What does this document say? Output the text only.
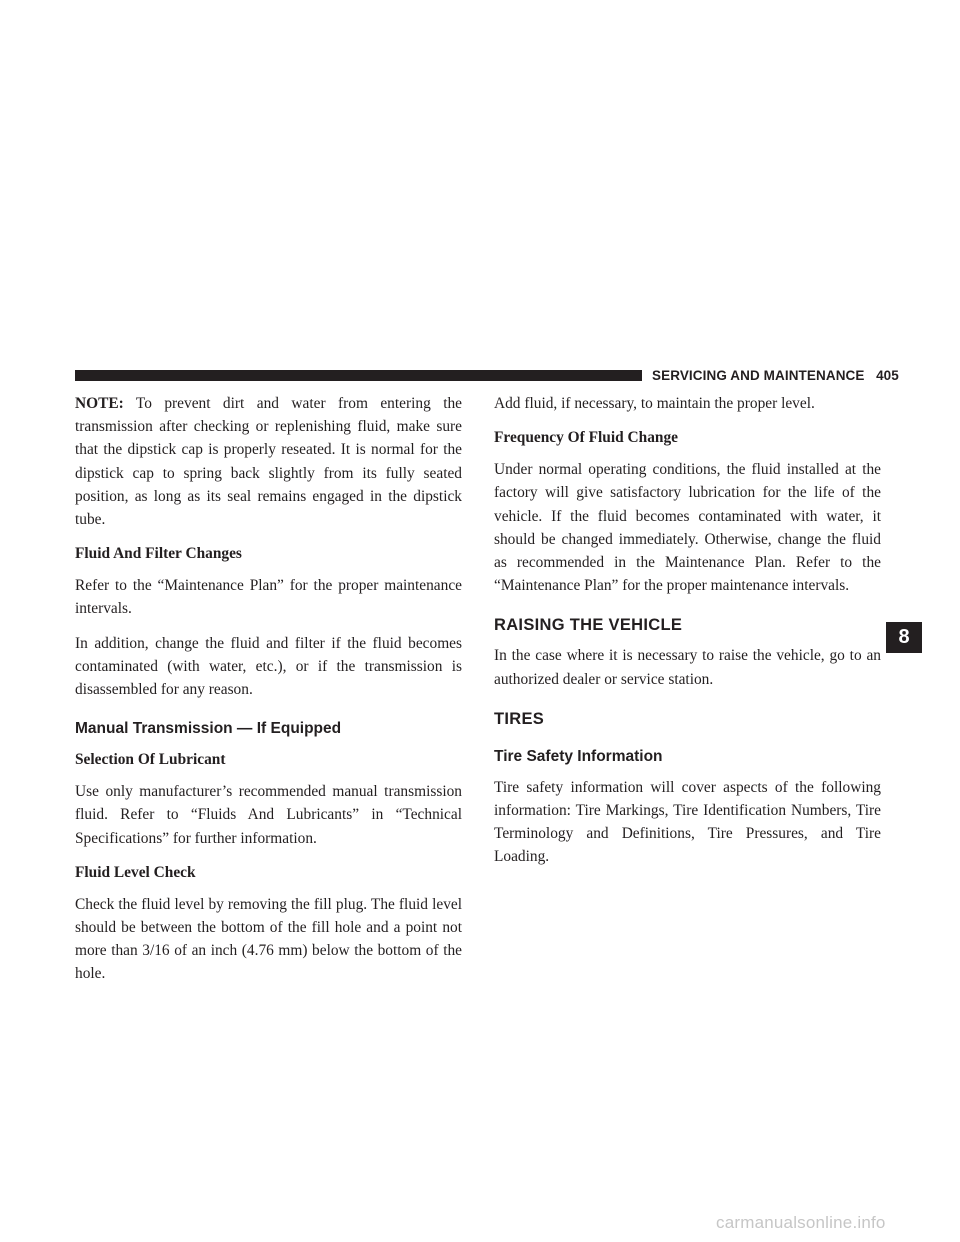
SERVICING AND MAINTENANCE 405

NOTE: To prevent dirt and water from entering the transmission after checking or replenishing fluid, make sure that the dipstick cap is properly reseated. It is normal for the dipstick cap to spring back slightly from its fully seated position, as long as its seal remains engaged in the dipstick tube.

Fluid And Filter Changes

Refer to the “Maintenance Plan” for the proper maintenance intervals.

In addition, change the fluid and filter if the fluid becomes contaminated (with water, etc.), or if the transmission is disassembled for any reason.

Manual Transmission — If Equipped
Selection Of Lubricant

Use only manufacturer’s recommended manual transmission fluid. Refer to “Fluids And Lubricants” in “Technical Specifications” for further information.

Fluid Level Check

Check the fluid level by removing the fill plug. The fluid level should be between the bottom of the fill hole and a point not more than 3/16 of an inch (4.76 mm) below the bottom of the hole.

Add fluid, if necessary, to maintain the proper level.

Frequency Of Fluid Change

Under normal operating conditions, the fluid installed at the factory will give satisfactory lubrication for the life of the vehicle. If the fluid becomes contaminated with water, it should be changed immediately. Otherwise, change the fluid as recommended in the Maintenance Plan. Refer to the “Maintenance Plan” for the proper maintenance intervals.

RAISING THE VEHICLE

In the case where it is necessary to raise the vehicle, go to an authorized dealer or service station.

TIRES
Tire Safety Information

Tire safety information will cover aspects of the following information: Tire Markings, Tire Identification Numbers, Tire Terminology and Definitions, Tire Pressures, and Tire Loading.

8
carmanualsonline.info
